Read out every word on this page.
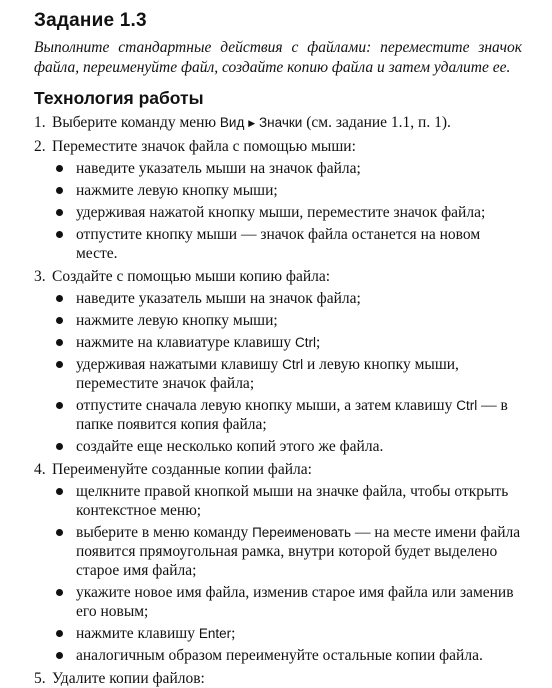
Задание 1.3

Выполните стандартные действия с файлами: переместите значок файла, переименуйте файл, создайте копию файла и затем удалите ее.

Технология работы
1. Выберите команду меню Вид ▶ Значки (см. задание 1.1, п. 1).
2. Переместите значок файла с помощью мыши:
наведите указатель мыши на значок файла;
нажмите левую кнопку мыши;
удерживая нажатой кнопку мыши, переместите значок файла;
отпустите кнопку мыши — значок файла останется на новом месте.
3. Создайте с помощью мыши копию файла:
наведите указатель мыши на значок файла;
нажмите левую кнопку мыши;
нажмите на клавиатуре клавишу Ctrl;
удерживая нажатыми клавишу Ctrl и левую кнопку мыши, переместите значок файла;
отпустите сначала левую кнопку мыши, а затем клавишу Ctrl — в папке появится копия файла;
создайте еще несколько копий этого же файла.
4. Переименуйте созданные копии файла:
щелкните правой кнопкой мыши на значке файла, чтобы открыть контекстное меню;
выберите в меню команду Переименовать — на месте имени файла появится прямоугольная рамка, внутри которой будет выделено старое имя файла;
укажите новое имя файла, изменив старое имя файла или заменив его новым;
нажмите клавишу Enter;
аналогичным образом переименуйте остальные копии файла.
5. Удалите копии файлов:
